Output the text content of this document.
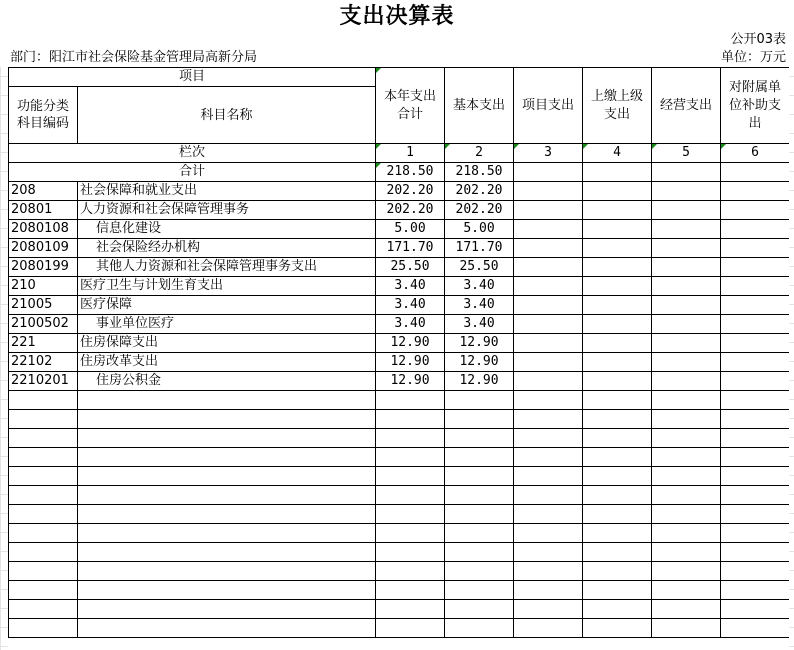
支出决算表
公开03表
部门：阳江市社会保险基金管理局高新分局	单位：万元
项目		本年支出合计	基本支出	项目支出	上缴上级支出	经营支出	对附属单位补助支出
功能分类科目编码	科目名称						
栏次		1	2	3	4	5	6
合计		218.50	218.50				
208	社会保障和就业支出	202.20	202.20				
20801	人力资源和社会保障管理事务	202.20	202.20				
2080108	信息化建设	5.00	5.00				
2080109	社会保险经办机构	171.70	171.70				
2080199	其他人力资源和社会保障管理事务支出	25.50	25.50				
210	医疗卫生与计划生育支出	3.40	3.40				
21005	医疗保障	3.40	3.40				
2100502	事业单位医疗	3.40	3.40				
221	住房保障支出	12.90	12.90				
22102	住房改革支出	12.90	12.90				
2210201	住房公积金	12.90	12.90				
